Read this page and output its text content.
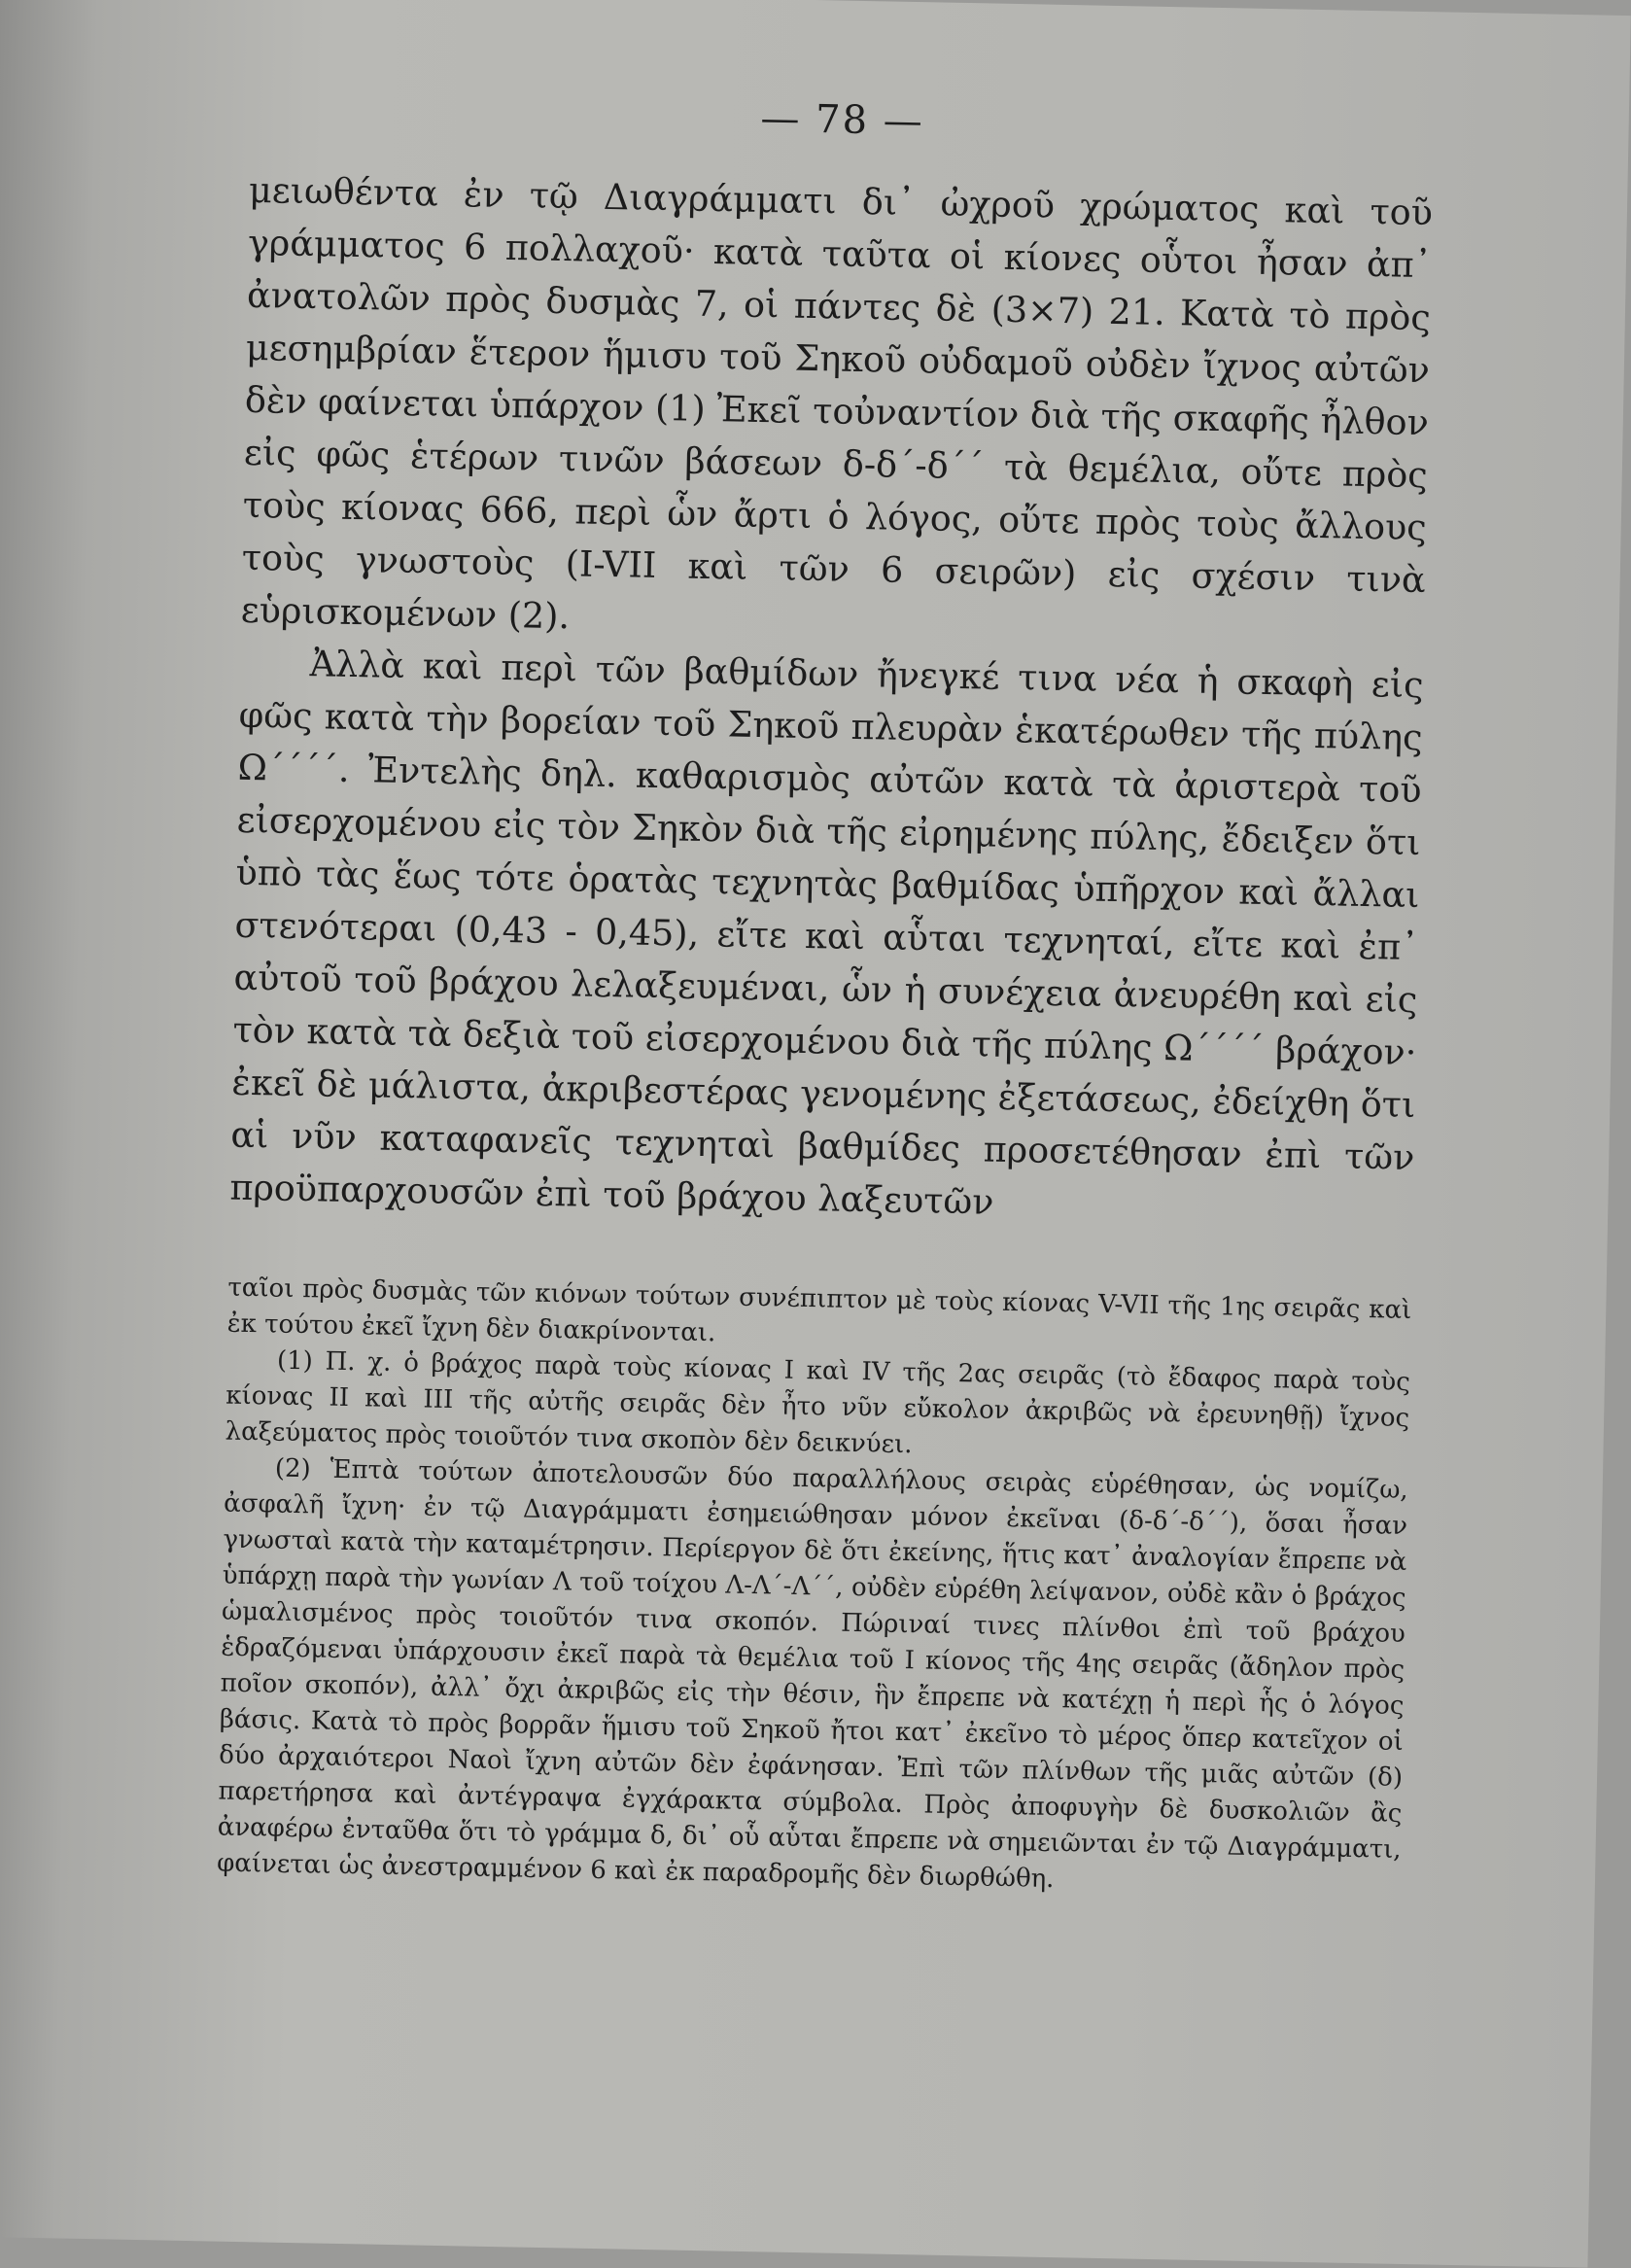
— 78 —

μειωθέντα ἐν τῷ Διαγράμματι δι᾽ ὠχροῦ χρώματος καὶ τοῦ γράμματος 6 πολλαχοῦ· κατὰ ταῦτα οἱ κίονες οὗτοι ἦσαν ἀπ᾽ ἀνατολῶν πρὸς δυσμὰς 7, οἱ πάντες δὲ (3×7) 21. Κατὰ τὸ πρὸς μεσημβρίαν ἕτερον ἥμισυ τοῦ Σηκοῦ οὐδαμοῦ οὐδὲν ἴχνος αὐτῶν δὲν φαίνεται ὑπάρχον (1) Ἐκεῖ τοὐναντίον διὰ τῆς σκαφῆς ἦλθον εἰς φῶς ἑτέρων τινῶν βάσεων δ-δ΄-δ΄΄ τὰ θεμέλια, οὔτε πρὸς τοὺς κίονας 666, περὶ ὧν ἄρτι ὁ λόγος, οὔτε πρὸς τοὺς ἄλλους τοὺς γνωστοὺς (I-VII καὶ τῶν 6 σειρῶν) εἰς σχέσιν τινὰ εὑρισκομένων (2).

Ἀλλὰ καὶ περὶ τῶν βαθμίδων ἤνεγκέ τινα νέα ἡ σκαφὴ εἰς φῶς κατὰ τὴν βορείαν τοῦ Σηκοῦ πλευρὰν ἑκατέρωθεν τῆς πύλης Ω΄΄΄΄. Ἐντελὴς δηλ. καθαρισμὸς αὐτῶν κατὰ τὰ ἀριστερὰ τοῦ εἰσερχομένου εἰς τὸν Σηκὸν διὰ τῆς εἰρημένης πύλης, ἔδειξεν ὅτι ὑπὸ τὰς ἕως τότε ὁρατὰς τεχνητὰς βαθμίδας ὑπῆρχον καὶ ἄλλαι στενότεραι (0,43 - 0,45), εἴτε καὶ αὗται τεχνηταί, εἴτε καὶ ἐπ᾽ αὐτοῦ τοῦ βράχου λελαξευμέναι, ὧν ἡ συνέχεια ἀνευρέθη καὶ εἰς τὸν κατὰ τὰ δεξιὰ τοῦ εἰσερχομένου διὰ τῆς πύλης Ω΄΄΄΄ βράχον· ἐκεῖ δὲ μάλιστα, ἀκριβεστέρας γενομένης ἐξετάσεως, ἐδείχθη ὅτι αἱ νῦν καταφανεῖς τεχνηταὶ βαθμίδες προσετέθησαν ἐπὶ τῶν προϋπαρχουσῶν ἐπὶ τοῦ βράχου λαξευτῶν

ταῖοι πρὸς δυσμὰς τῶν κιόνων τούτων συνέπιπτον μὲ τοὺς κίονας V-VII τῆς 1ης σειρᾶς καὶ ἐκ τούτου ἐκεῖ ἴχνη δὲν διακρίνονται.

(1) Π. χ. ὁ βράχος παρὰ τοὺς κίονας I καὶ IV τῆς 2ας σειρᾶς (τὸ ἔδαφος παρὰ τοὺς κίονας II καὶ III τῆς αὐτῆς σειρᾶς δὲν ἦτο νῦν εὔκολον ἀκριβῶς νὰ ἐρευνηθῇ) ἴχνος λαξεύματος πρὸς τοιοῦτόν τινα σκοπὸν δὲν δεικνύει.

(2) Ἑπτὰ τούτων ἀποτελουσῶν δύο παραλλήλους σειρὰς εὑρέθησαν, ὡς νομίζω, ἀσφαλῆ ἴχνη· ἐν τῷ Διαγράμματι ἐσημειώθησαν μόνον ἐκεῖναι (δ-δ΄-δ΄΄), ὅσαι ἦσαν γνωσταὶ κατὰ τὴν καταμέτρησιν. Περίεργον δὲ ὅτι ἐκείνης, ἥτις κατ᾽ ἀναλογίαν ἔπρεπε νὰ ὑπάρχῃ παρὰ τὴν γωνίαν Λ τοῦ τοίχου Λ-Λ΄-Λ΄΄, οὐδὲν εὑρέθη λείψανον, οὐδὲ κἂν ὁ βράχος ὡμαλισμένος πρὸς τοιοῦτόν τινα σκοπόν. Πώριναί τινες πλίνθοι ἐπὶ τοῦ βράχου ἑδραζόμεναι ὑπάρχουσιν ἐκεῖ παρὰ τὰ θεμέλια τοῦ I κίονος τῆς 4ης σειρᾶς (ἄδηλον πρὸς ποῖον σκοπόν), ἀλλ᾽ ὄχι ἀκριβῶς εἰς τὴν θέσιν, ἣν ἔπρεπε νὰ κατέχῃ ἡ περὶ ἧς ὁ λόγος βάσις. Κατὰ τὸ πρὸς βορρᾶν ἥμισυ τοῦ Σηκοῦ ἤτοι κατ᾽ ἐκεῖνο τὸ μέρος ὅπερ κατεῖχον οἱ δύο ἀρχαιότεροι Ναοὶ ἴχνη αὐτῶν δὲν ἐφάνησαν. Ἐπὶ τῶν πλίνθων τῆς μιᾶς αὐτῶν (δ) παρετήρησα καὶ ἀντέγραψα ἐγχάρακτα σύμβολα. Πρὸς ἀποφυγὴν δὲ δυσκολιῶν ἂς ἀναφέρω ἐνταῦθα ὅτι τὸ γράμμα δ, δι᾽ οὗ αὗται ἔπρεπε νὰ σημειῶνται ἐν τῷ Διαγράμματι, φαίνεται ὡς ἀνεστραμμένον 6 καὶ ἐκ παραδρομῆς δὲν διωρθώθη.
